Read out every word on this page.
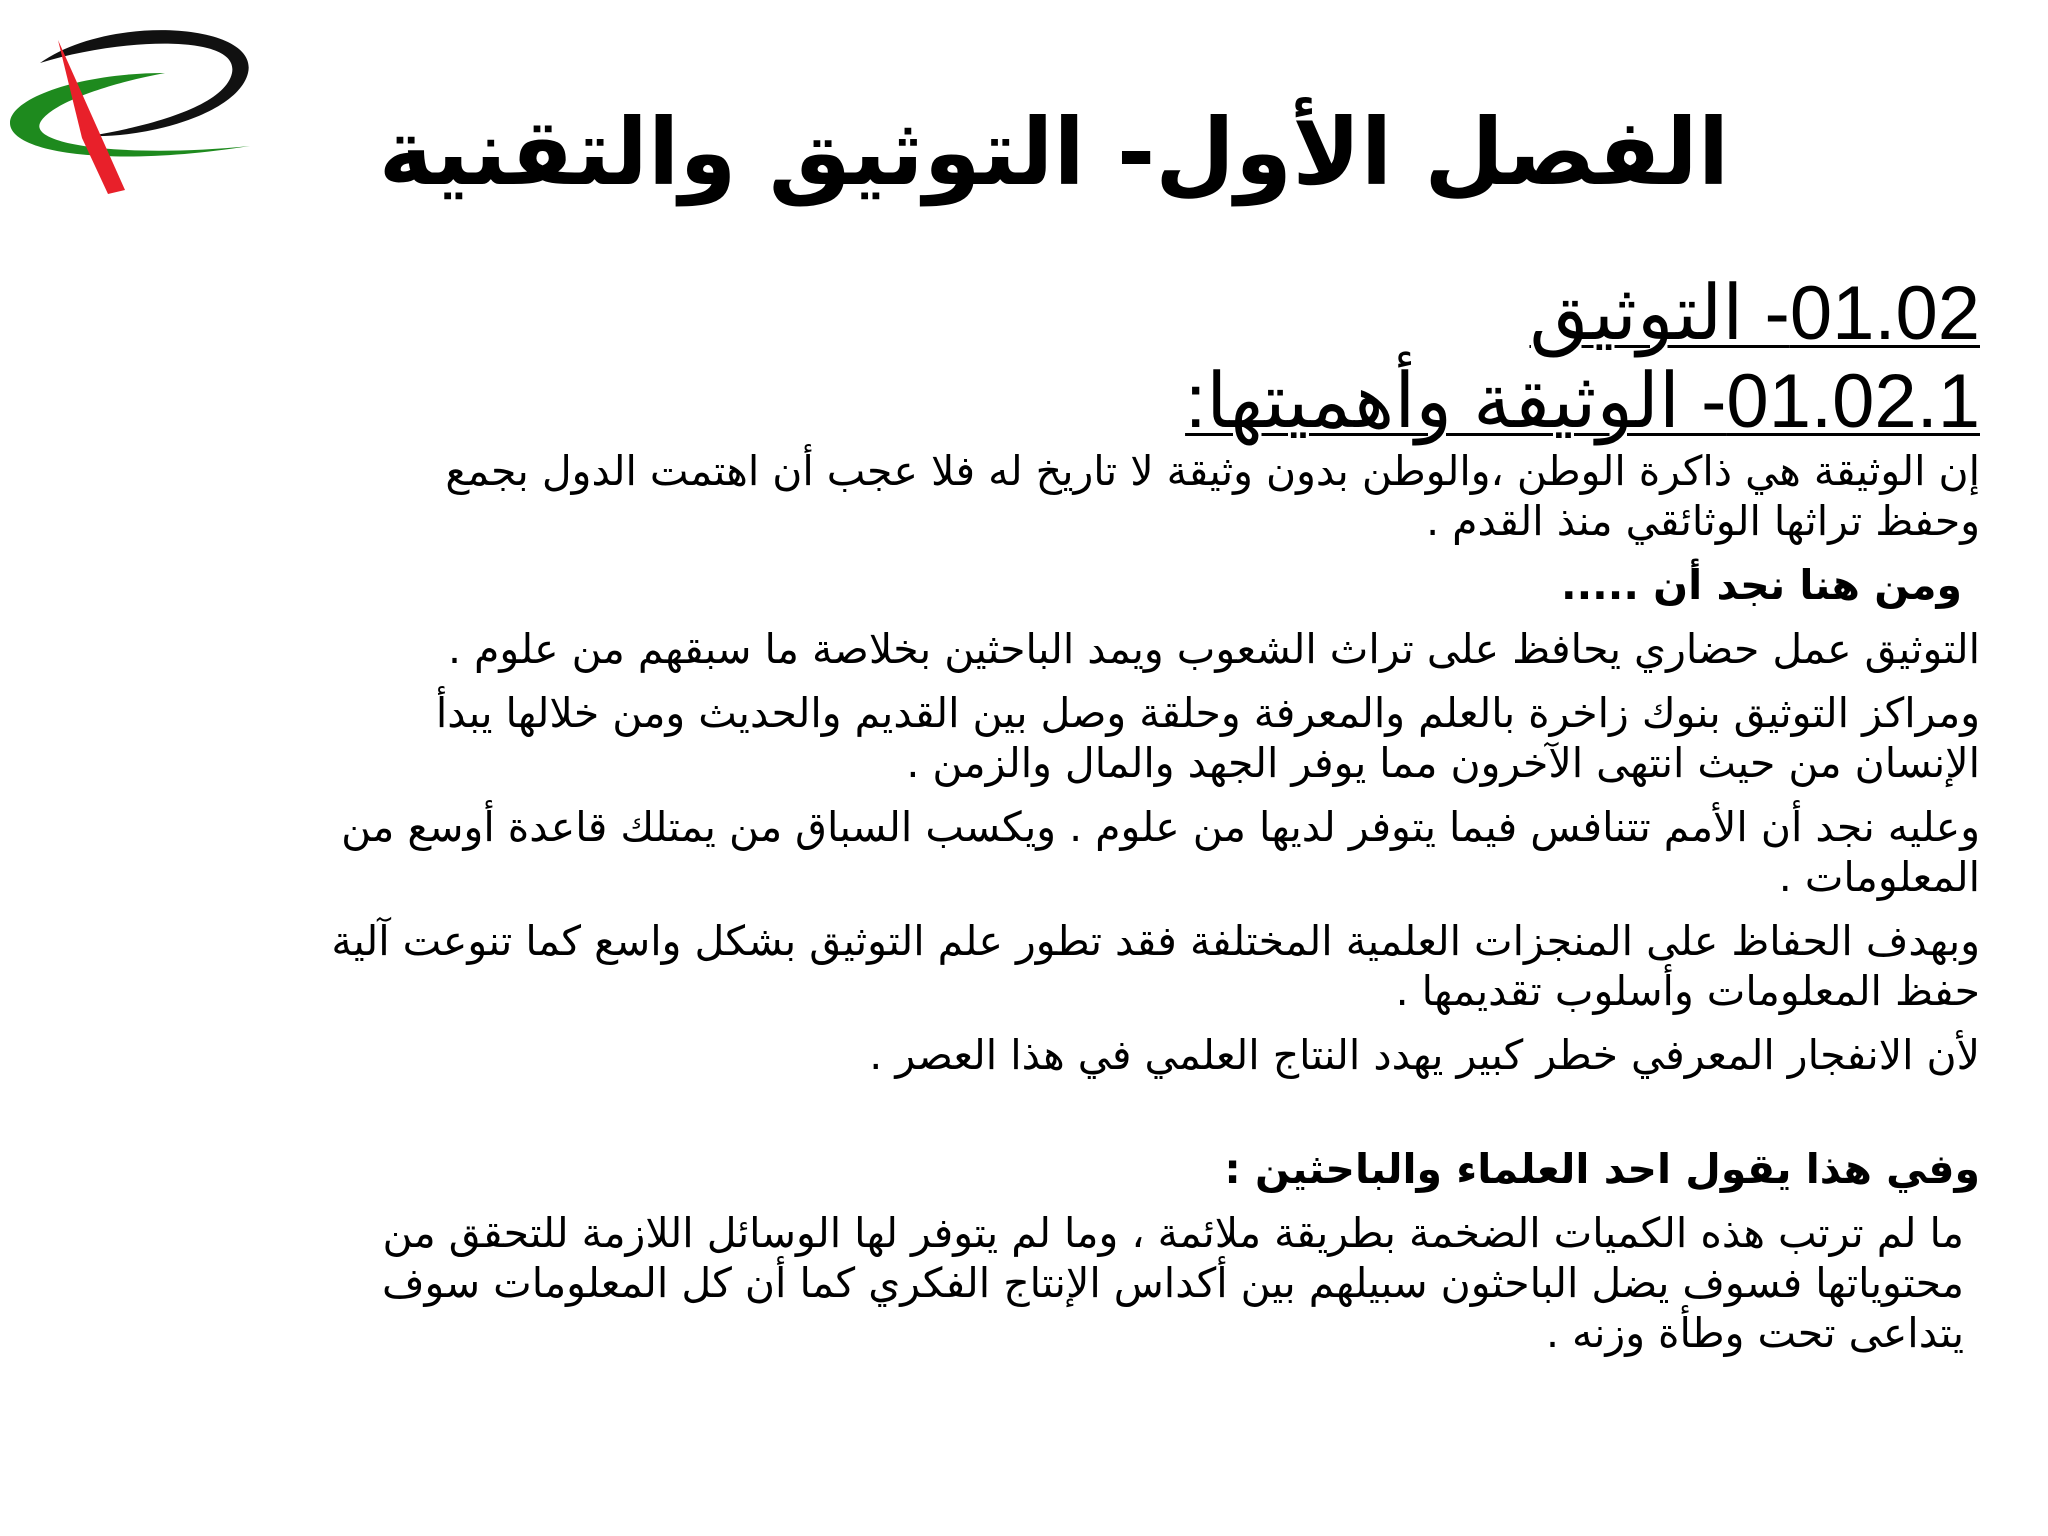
الفصل الأول- التوثيق والتقنية
01.02- التوثيق
01.02.1- الوثيقة وأهميتها:

إن الوثيقة هي ذاكرة الوطن ،والوطن بدون وثيقة لا تاريخ له فلا عجب أن اهتمت الدول بجمع وحفظ تراثها الوثائقي منذ القدم .

ومن هنا نجد أن .....

التوثيق عمل حضاري يحافظ على تراث الشعوب ويمد الباحثين بخلاصة ما سبقهم من علوم .

ومراكز التوثيق بنوك زاخرة بالعلم والمعرفة وحلقة وصل بين القديم والحديث ومن خلالها يبدأ الإنسان من حيث انتهى الآخرون مما يوفر الجهد والمال والزمن .

وعليه نجد أن الأمم تتنافس فيما يتوفر لديها من علوم . ويكسب السباق من يمتلك قاعدة أوسع من المعلومات .

وبهدف الحفاظ على المنجزات العلمية المختلفة فقد تطور علم التوثيق بشكل واسع كما تنوعت آلية حفظ المعلومات وأسلوب تقديمها .

لأن الانفجار المعرفي خطر كبير يهدد النتاج العلمي في هذا العصر .

وفي هذا يقول احد العلماء والباحثين :

ما لم ترتب هذه الكميات الضخمة بطريقة ملائمة ، وما لم يتوفر لها الوسائل اللازمة للتحقق من محتوياتها فسوف يضل الباحثون سبيلهم بين أكداس الإنتاج الفكري كما أن كل المعلومات سوف يتداعى تحت وطأة وزنه .
